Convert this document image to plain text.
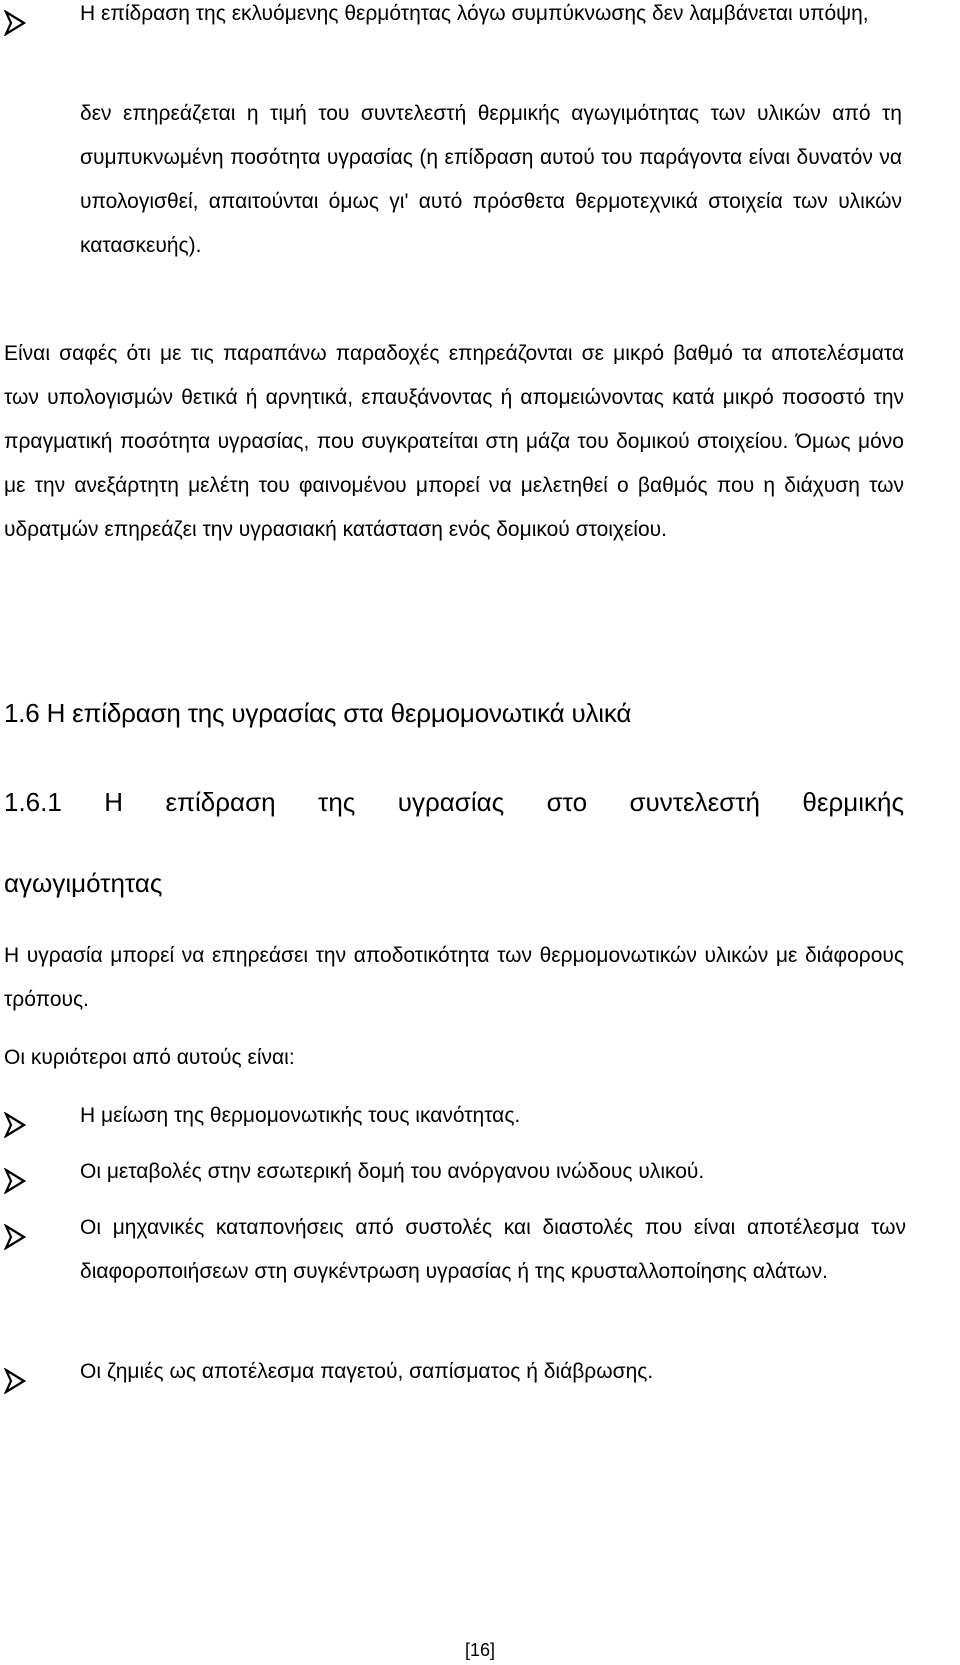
Η επίδραση της εκλυόμενης θερμότητας λόγω συμπύκνωσης δεν λαμβάνεται υπόψη,
δεν επηρεάζεται η τιμή του συντελεστή θερμικής αγωγιμότητας των υλικών από τη συμπυκνωμένη ποσότητα υγρασίας (η επίδραση αυτού του παράγοντα είναι δυνατόν να υπολογισθεί, απαιτούνται όμως γι' αυτό πρόσθετα θερμοτεχνικά στοιχεία των υλικών κατασκευής).
Είναι σαφές ότι με τις παραπάνω παραδοχές επηρεάζονται σε μικρό βαθμό τα αποτελέσματα των υπολογισμών θετικά ή αρνητικά, επαυξάνοντας ή απομειώνοντας κατά μικρό ποσοστό την πραγματική ποσότητα υγρασίας, που συγκρατείται στη μάζα του δομικού στοιχείου. Όμως μόνο με την ανεξάρτητη μελέτη του φαινομένου μπορεί να μελετηθεί ο βαθμός που η διάχυση των υδρατμών επηρεάζει την υγρασιακή κατάσταση ενός δομικού στοιχείου.
1.6 Η επίδραση της υγρασίας στα θερμομονωτικά υλικά
1.6.1 Η επίδραση της υγρασίας στο συντελεστή θερμικής
αγωγιμότητας
Η υγρασία μπορεί να επηρεάσει την αποδοτικότητα των θερμομονωτικών υλικών με διάφορους τρόπους.
Οι κυριότεροι από αυτούς είναι:
Η μείωση της θερμομονωτικής τους ικανότητας.
Οι μεταβολές στην εσωτερική δομή του ανόργανου ινώδους υλικού.
Οι μηχανικές καταπονήσεις από συστολές και διαστολές που είναι αποτέλεσμα των διαφοροποιήσεων στη συγκέντρωση υγρασίας ή της κρυσταλλοποίησης αλάτων.
Οι ζημιές ως αποτέλεσμα παγετού, σαπίσματος ή διάβρωσης.
[16]
